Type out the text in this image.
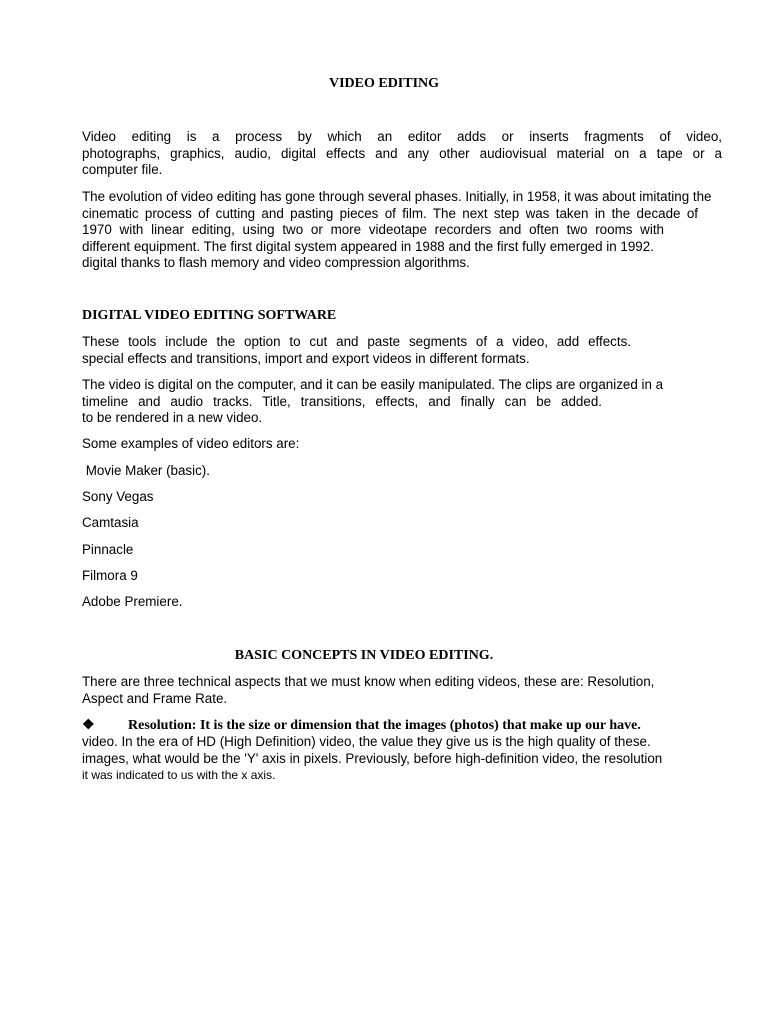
VIDEO EDITING
Video editing is a process by which an editor adds or inserts fragments of video,
photographs, graphics, audio, digital effects and any other audiovisual material on a tape or a
computer file.
The evolution of video editing has gone through several phases. Initially, in 1958, it was about imitating the
cinematic process of cutting and pasting pieces of film. The next step was taken in the decade of
1970 with linear editing, using two or more videotape recorders and often two rooms with
different equipment. The first digital system appeared in 1988 and the first fully emerged in 1992.
digital thanks to flash memory and video compression algorithms.
DIGITAL VIDEO EDITING SOFTWARE
These tools include the option to cut and paste segments of a video, add effects.
special effects and transitions, import and export videos in different formats.
The video is digital on the computer, and it can be easily manipulated. The clips are organized in a
timeline and audio tracks. Title, transitions, effects, and finally can be added.
to be rendered in a new video.
Some examples of video editors are:
Movie Maker (basic).
Sony Vegas
Camtasia
Pinnacle
Filmora 9
Adobe Premiere.
BASIC CONCEPTS IN VIDEO EDITING.
There are three technical aspects that we must know when editing videos, these are: Resolution,
Aspect and Frame Rate.
❖ Resolution: It is the size or dimension that the images (photos) that make up our have.
video. In the era of HD (High Definition) video, the value they give us is the high quality of these.
images, what would be the 'Y' axis in pixels. Previously, before high-definition video, the resolution
it was indicated to us with the x axis.
